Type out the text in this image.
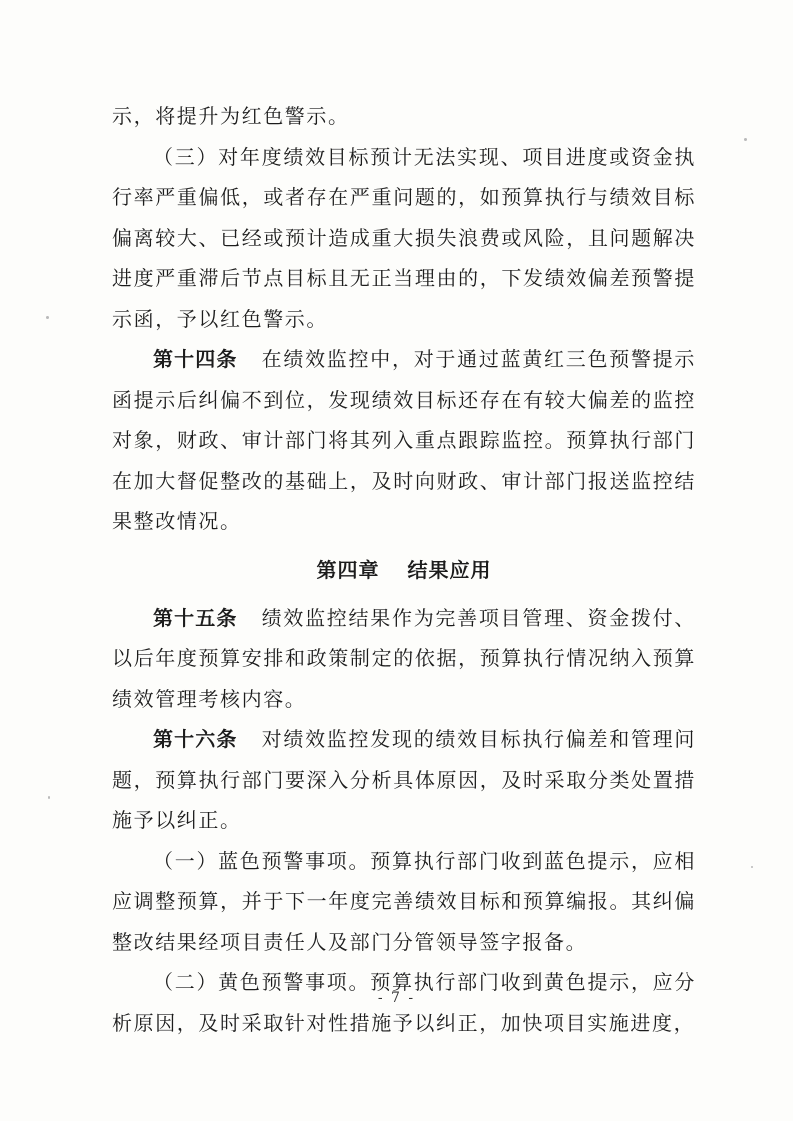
示，将提升为红色警示。

（三）对年度绩效目标预计无法实现、项目进度或资金执行率严重偏低，或者存在严重问题的，如预算执行与绩效目标偏离较大、已经或预计造成重大损失浪费或风险，且问题解决进度严重滞后节点目标且无正当理由的，下发绩效偏差预警提示函，予以红色警示。

第十四条 在绩效监控中，对于通过蓝黄红三色预警提示函提示后纠偏不到位，发现绩效目标还存在有较大偏差的监控对象，财政、审计部门将其列入重点跟踪监控。预算执行部门在加大督促整改的基础上，及时向财政、审计部门报送监控结果整改情况。

第四章 结果应用

第十五条 绩效监控结果作为完善项目管理、资金拨付、以后年度预算安排和政策制定的依据，预算执行情况纳入预算绩效管理考核内容。

第十六条 对绩效监控发现的绩效目标执行偏差和管理问题，预算执行部门要深入分析具体原因，及时采取分类处置措施予以纠正。

（一）蓝色预警事项。预算执行部门收到蓝色提示，应相应调整预算，并于下一年度完善绩效目标和预算编报。其纠偏整改结果经项目责任人及部门分管领导签字报备。

（二）黄色预警事项。预算执行部门收到黄色提示，应分析原因，及时采取针对性措施予以纠正，加快项目实施进度，

- 7 -
